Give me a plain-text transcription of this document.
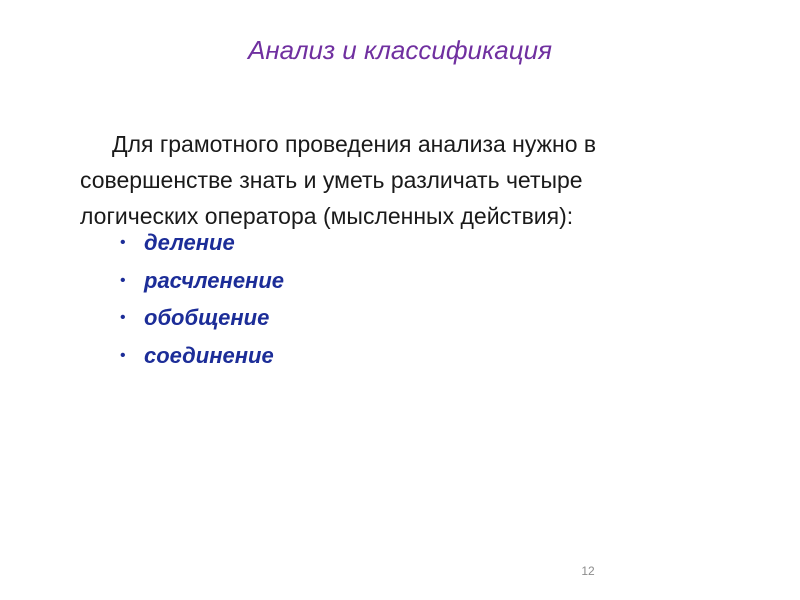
Анализ и классификация

Для грамотного проведения анализа нужно в совершенстве знать и уметь различать четыре логических оператора (мысленных действия):

• деление
• расчленение
• обобщение
• соединение
12
